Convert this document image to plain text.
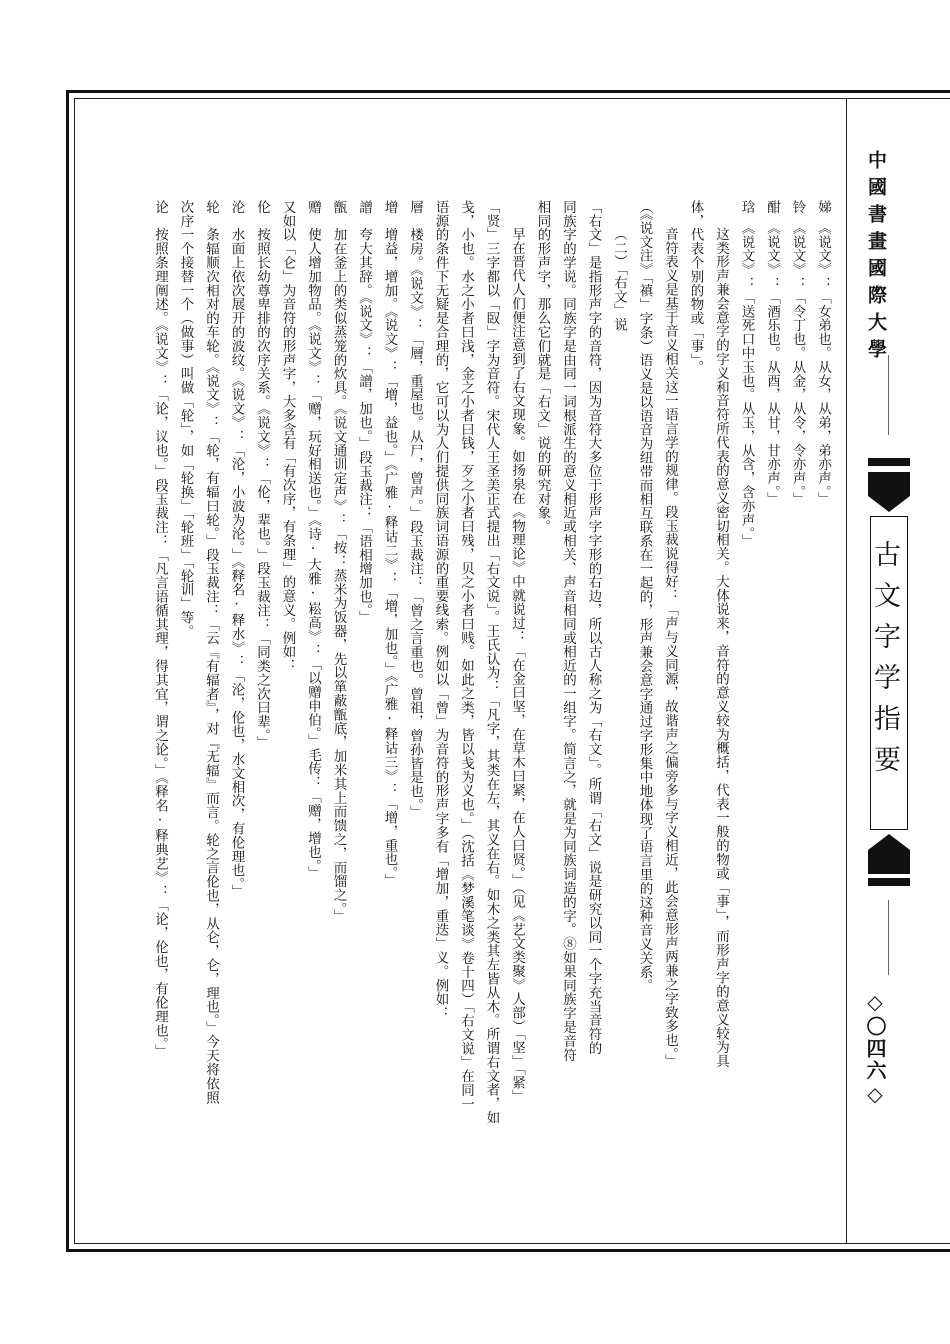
中國書畫國際大學
古文字学指要
◇〇四六◇

娣　《说文》：「女弟也。从女，从弟，弟亦声。」

铃　《说文》：「令丁也。从金，从令，令亦声。」

酣　《说文》：「酒乐也。从酉，从甘，甘亦声。」

琀　《说文》：「送死口中玉也。从玉，从含，含亦声。」

这类形声兼会意字的字义和音符所代表的意义密切相关。大体说来，音符的意义较为概括，代表一般的物或「事」，而形声字的意义较为具

体，代表个别的物或「事」。

音符表义是基于音义相关这一语言学的规律。段玉裁说得好：「声与义同源，故谐声之偏旁多与字义相近，此会意形声两兼之字致多也。」

（《说文注》「禛」字条）语义是以语音为纽带而相互联系在一起的，形声兼会意字通过字形集中地体现了语言里的这种音义关系。

（二）「右文」说

「右文」是指形声字的音符，因为音符大多位于形声字字形的右边，所以古人称之为「右文」。所谓「右文」说是研究以同一个字充当音符的

同族字的学说。同族字是由同一词根派生的意义相近或相关、声音相同或相近的一组字。简言之，就是为同族词造的字。⑧如果同族字是音符

相同的形声字，那么它们就是「右文」说的研究对象。

早在晋代人们便注意到了右文现象。如扬泉在《物理论》中就说过：「在金曰坚，在草木曰紧，在人曰贤。」（见《艺文类聚》人部）「坚」「紧」

「贤」三字都以「臤」字为音符。宋代人王圣美正式提出「右文说」。王氏认为：「凡字，其类在左，其义在右。如木之类其左皆从木。所谓右文者，如

戋，小也。水之小者曰浅，金之小者曰钱，歹之小者曰残，贝之小者曰贱。如此之类，皆以戋为义也。」（沈括《梦溪笔谈》卷十四）「右文说」在同一

语源的条件下无疑是合理的，它可以为人们提供同族词语源的重要线索。例如以「曾」为音符的形声字多有「增加，重迭」义。例如：

層　楼房。《说文》：「層，重屋也。从尸，曾声。」段玉裁注：「曾之言重也。曾祖，曾孙皆是也。」

增　增益，增加。《说文》：「增，益也。」《广雅·释诂二》：「增，加也。」《广雅·释诂三》：「增，重也。」

譄　夸大其辞。《说文》：「譄，加也。」段玉裁注：「语相增加也。」

甑　加在釜上的类似蒸笼的炊具。《说文通训定声》：「按：蒸米为饭器，先以箪蔽甑底，加米其上而馈之，而馏之。」

赠　使人增加物品。《说文》：「赠，玩好相送也。」《诗·大雅·崧高》：「以赠申伯。」毛传：「赠，增也。」

又如以「仑」为音符的形声字，大多含有「有次序，有条理」的意义。例如：

伦　按照长幼尊卑排的次序关系。《说文》：「伦，辈也。」段玉裁注：「同类之次曰辈。」

沦　水面上依次展开的波纹。《说文》：「沦，小波为沦。」《释名·释水》：「沦，伦也，水文相次，有伦理也。」

轮　条辐顺次相对的车轮。《说文》：「轮，有辐曰轮。」段玉裁注：「云『有辐者』，对『无辐』而言。轮之言伦也，从仑，仑，理也。」今天将依照

次序一个接替一个（做事）叫做「轮」，如「轮换」「轮班」「轮训」等。

论　按照条理阐述。《说文》：「论，议也。」段玉裁注：「凡言语循其理，得其宜，谓之论。」《释名·释典艺》：「论，伦也，有伦理也。」
